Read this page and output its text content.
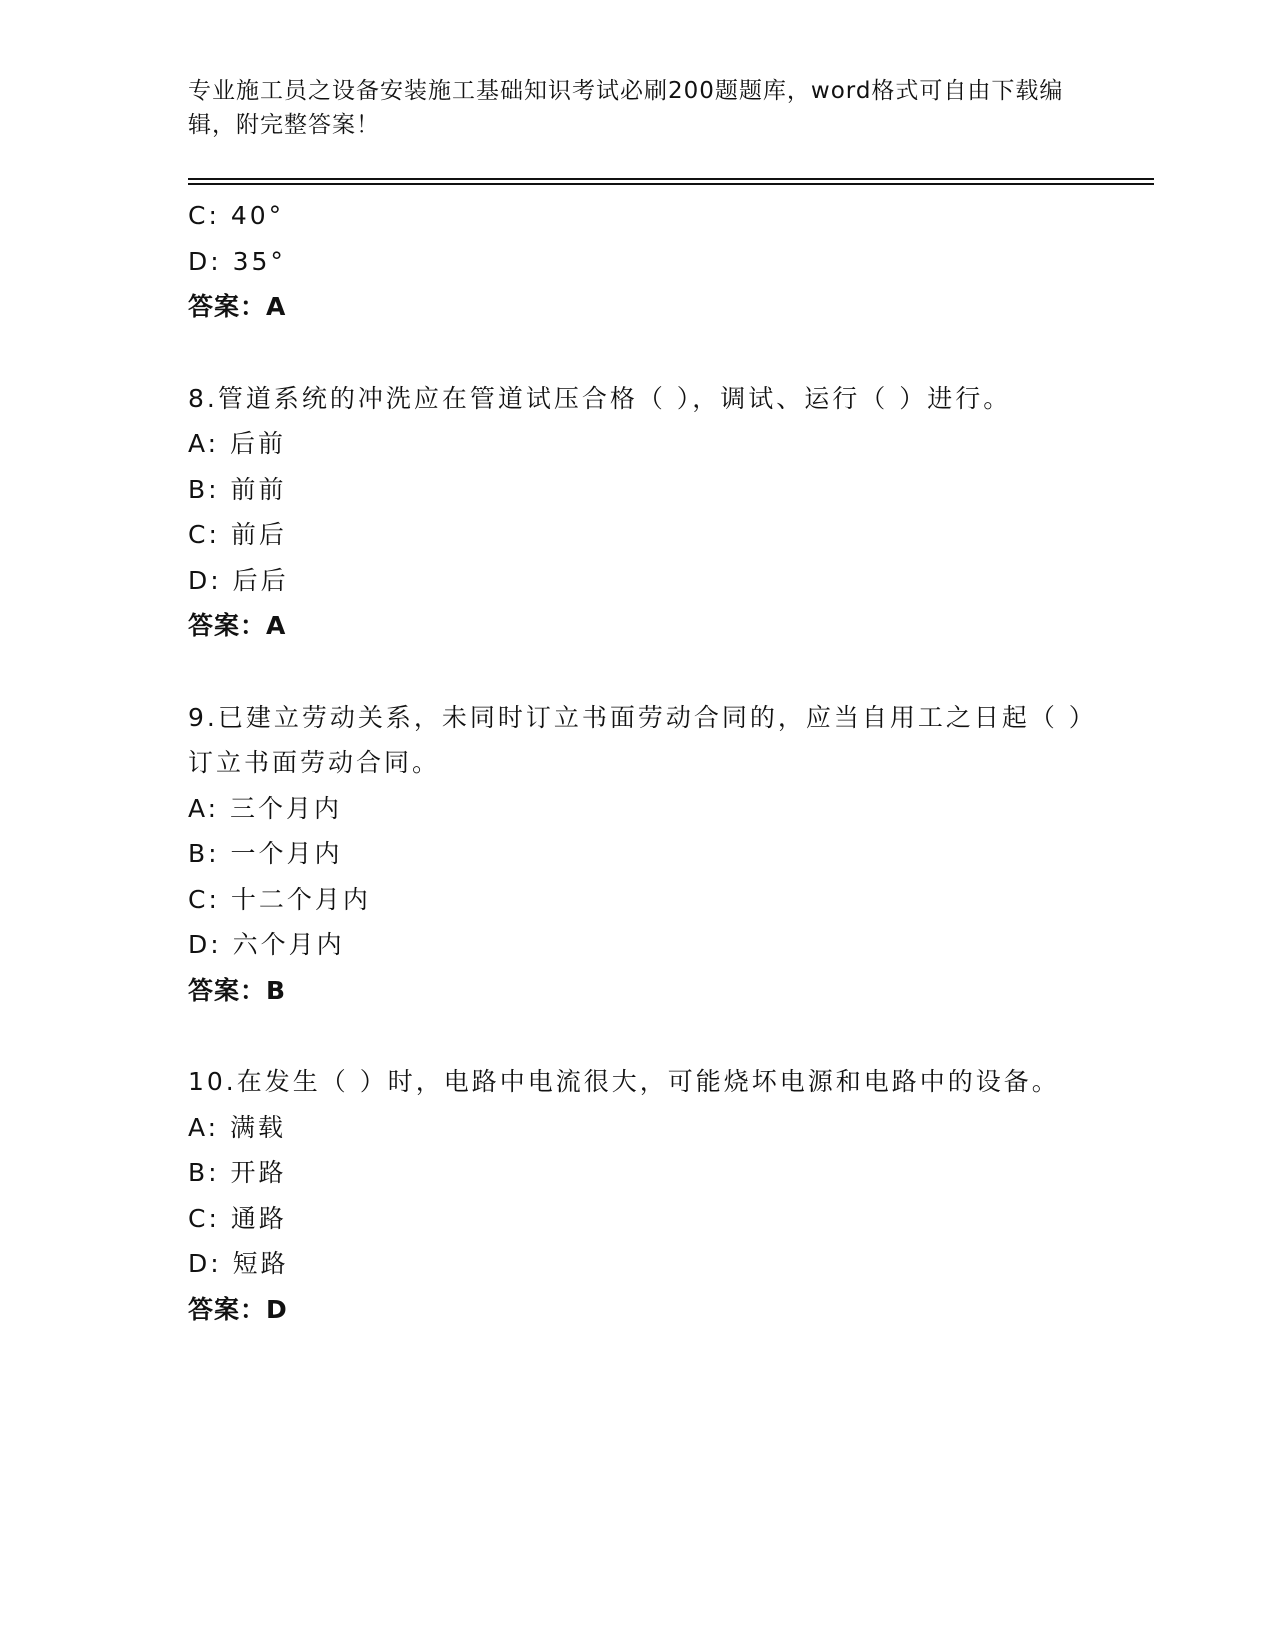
专业施工员之设备安装施工基础知识考试必刷200题题库，word格式可自由下载编辑，附完整答案！
C: 40°
D: 35°
答案：A
8.管道系统的冲洗应在管道试压合格（ ），调试、运行（ ）进行。
A: 后前
B: 前前
C: 前后
D: 后后
答案：A
9.已建立劳动关系，未同时订立书面劳动合同的，应当自用工之日起（ ）订立书面劳动合同。
A: 三个月内
B: 一个月内
C: 十二个月内
D: 六个月内
答案：B
10.在发生（ ）时，电路中电流很大，可能烧坏电源和电路中的设备。
A: 满载
B: 开路
C: 通路
D: 短路
答案：D
